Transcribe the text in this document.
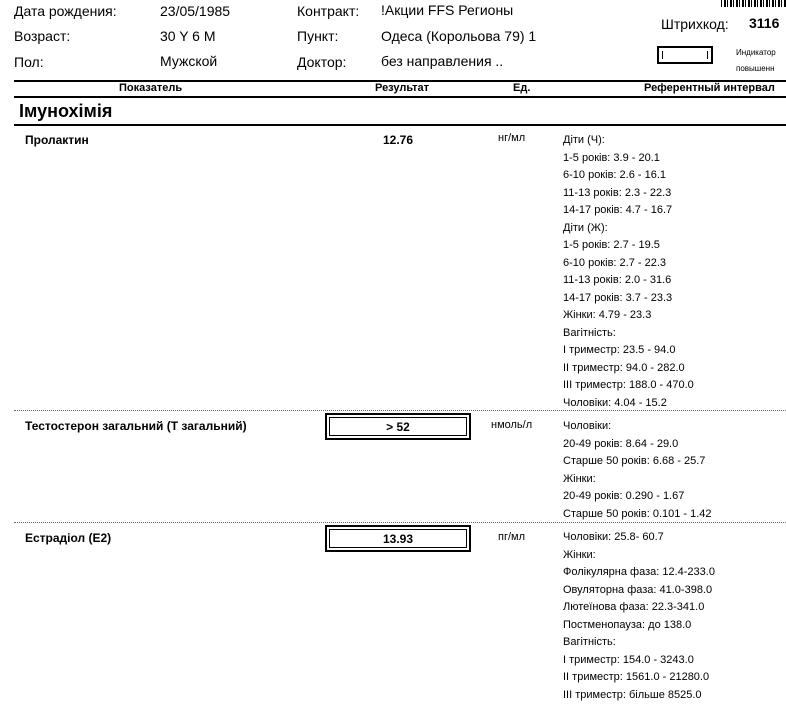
Дата рождения:	23/05/1985
Возраст:	30 Y 6 M
Пол:	Мужской
Контракт: !Акции FFS Регионы
Пункт:	Одеса (Корольова 79) 1
Доктор: без направления ..
Штрихкод: 3116
Индикатор
повышенн
Показатель	Результат	Ед.	Референтный интервал
Імунохімія
Пролактин	12.76	нг/мл	Діти (Ч):
1-5 років: 3.9 - 20.1
6-10 років: 2.6 - 16.1
11-13 років: 2.3 - 22.3
14-17 років: 4.7 - 16.7
Діти (Ж):
1-5 років: 2.7 - 19.5
6-10 років: 2.7 - 22.3
11-13 років: 2.0 - 31.6
14-17 років: 3.7 - 23.3
Жінки: 4.79 - 23.3
Вагітність:
I триместр: 23.5 - 94.0
II триместр: 94.0 - 282.0
III триместр: 188.0 - 470.0
Чоловіки: 4.04 - 15.2
Тестостерон загальний (Т загальний)	> 52	нмоль/л	Чоловіки:
20-49 років: 8.64 - 29.0
Старше 50 років: 6.68 - 25.7
Жінки:
20-49 років: 0.290 - 1.67
Старше 50 років: 0.101 - 1.42
Естрадіол (Е2)	13.93	пг/мл	Чоловіки: 25.8- 60.7
Жінки:
Фолікулярна фаза: 12.4-233.0
Овуляторна фаза: 41.0-398.0
Лютеїнова фаза: 22.3-341.0
Постменопауза: до 138.0
Вагітність:
I триместр: 154.0 - 3243.0
II триместр: 1561.0 - 21280.0
III триместр: більше 8525.0
